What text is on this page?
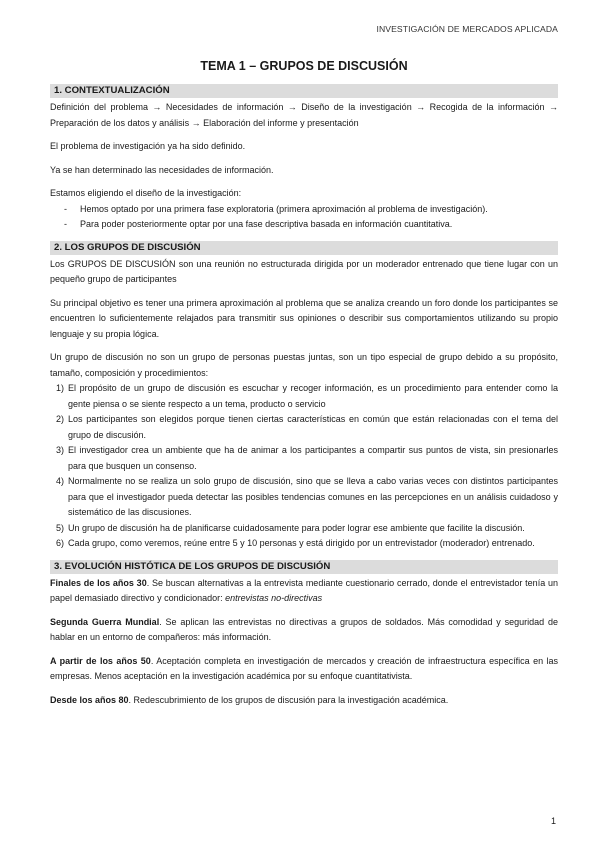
INVESTIGACIÓN DE MERCADOS APLICADA
TEMA 1 – GRUPOS DE DISCUSIÓN
1. CONTEXTUALIZACIÓN

Definición del problema → Necesidades de información → Diseño de la investigación → Recogida de la información → Preparación de los datos y análisis → Elaboración del informe y presentación

El problema de investigación ya ha sido definido.

Ya se han determinado las necesidades de información.

Estamos eligiendo el diseño de la investigación:

- Hemos optado por una primera fase exploratoria (primera aproximación al problema de investigación).
- Para poder posteriormente optar por una fase descriptiva basada en información cuantitativa.
2. LOS GRUPOS DE DISCUSIÓN

Los GRUPOS DE DISCUSIÓN son una reunión no estructurada dirigida por un moderador entrenado que tiene lugar con un pequeño grupo de participantes

Su principal objetivo es tener una primera aproximación al problema que se analiza creando un foro donde los participantes se encuentren lo suficientemente relajados para transmitir sus opiniones o describir sus comportamientos utilizando su propio lenguaje y su propia lógica.

Un grupo de discusión no son un grupo de personas puestas juntas, son un tipo especial de grupo debido a su propósito, tamaño, composición y procedimientos:

1) El propósito de un grupo de discusión es escuchar y recoger información, es un procedimiento para entender como la gente piensa o se siente respecto a un tema, producto o servicio
2) Los participantes son elegidos porque tienen ciertas características en común que están relacionadas con el tema del grupo de discusión.
3) El investigador crea un ambiente que ha de animar a los participantes a compartir sus puntos de vista, sin presionarles para que busquen un consenso.
4) Normalmente no se realiza un solo grupo de discusión, sino que se lleva a cabo varias veces con distintos participantes para que el investigador pueda detectar las posibles tendencias comunes en las percepciones en un análisis cuidadoso y sistemático de las discusiones.
5) Un grupo de discusión ha de planificarse cuidadosamente para poder lograr ese ambiente que facilite la discusión.
6) Cada grupo, como veremos, reúne entre 5 y 10 personas y está dirigido por un entrevistador (moderador) entrenado.
3. EVOLUCIÓN HISTÓTICA DE LOS GRUPOS DE DISCUSIÓN

Finales de los años 30. Se buscan alternativas a la entrevista mediante cuestionario cerrado, donde el entrevistador tenía un papel demasiado directivo y condicionador: entrevistas no-directivas

Segunda Guerra Mundial. Se aplican las entrevistas no directivas a grupos de soldados. Más comodidad y seguridad de hablar en un entorno de compañeros: más información.

A partir de los años 50. Aceptación completa en investigación de mercados y creación de infraestructura específica en las empresas. Menos aceptación en la investigación académica por su enfoque cuantitativista.

Desde los años 80. Redescubrimiento de los grupos de discusión para la investigación académica.

1
